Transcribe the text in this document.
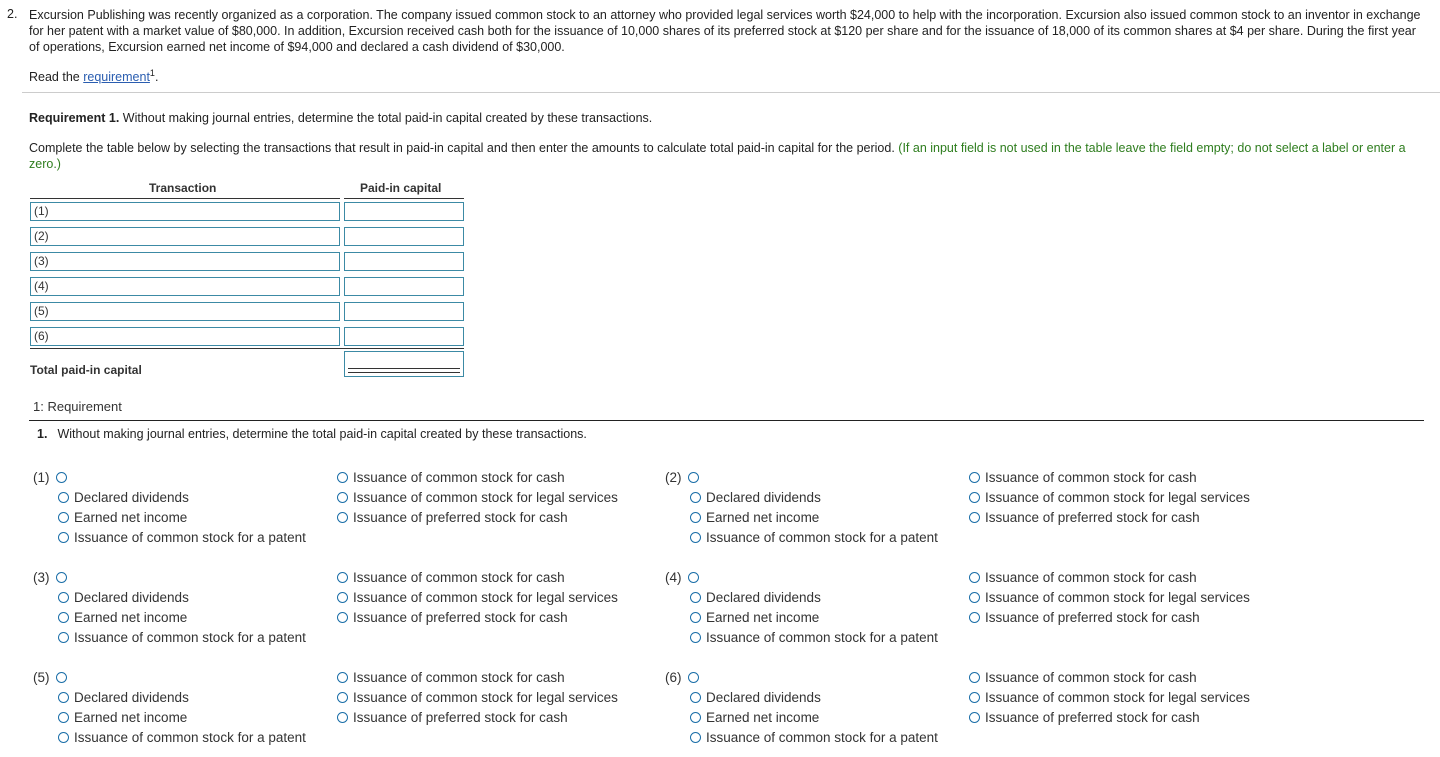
2. Excursion Publishing was recently organized as a corporation. The company issued common stock to an attorney who provided legal services worth $24,000 to help with the incorporation. Excursion also issued common stock to an inventor in exchange for her patent with a market value of $80,000. In addition, Excursion received cash both for the issuance of 10,000 shares of its preferred stock at $120 per share and for the issuance of 18,000 of its common shares at $4 per share. During the first year of operations, Excursion earned net income of $94,000 and declared a cash dividend of $30,000.
Read the requirement$^1$.
Requirement 1. Without making journal entries, determine the total paid-in capital created by these transactions.
Complete the table below by selecting the transactions that result in paid-in capital and then enter the amounts to calculate total paid-in capital for the period. (If an input field is not used in the table leave the field empty; do not select a label or enter a zero.)
Transaction	Paid-in capital
(1)
(2)
(3)
(4)
(5)
(6)
Total paid-in capital
1: Requirement
1. Without making journal entries, determine the total paid-in capital created by these transactions.
(1)
Declared dividends
Earned net income
Issuance of common stock for a patent
Issuance of common stock for cash
Issuance of common stock for legal services
Issuance of preferred stock for cash
(2)
Declared dividends
Earned net income
Issuance of common stock for a patent
Issuance of common stock for cash
Issuance of common stock for legal services
Issuance of preferred stock for cash
(3)
Declared dividends
Earned net income
Issuance of common stock for a patent
Issuance of common stock for cash
Issuance of common stock for legal services
Issuance of preferred stock for cash
(4)
Declared dividends
Earned net income
Issuance of common stock for a patent
Issuance of common stock for cash
Issuance of common stock for legal services
Issuance of preferred stock for cash
(5)
Declared dividends
Earned net income
Issuance of common stock for a patent
Issuance of common stock for cash
Issuance of common stock for legal services
Issuance of preferred stock for cash
(6)
Declared dividends
Earned net income
Issuance of common stock for a patent
Issuance of common stock for cash
Issuance of common stock for legal services
Issuance of preferred stock for cash
